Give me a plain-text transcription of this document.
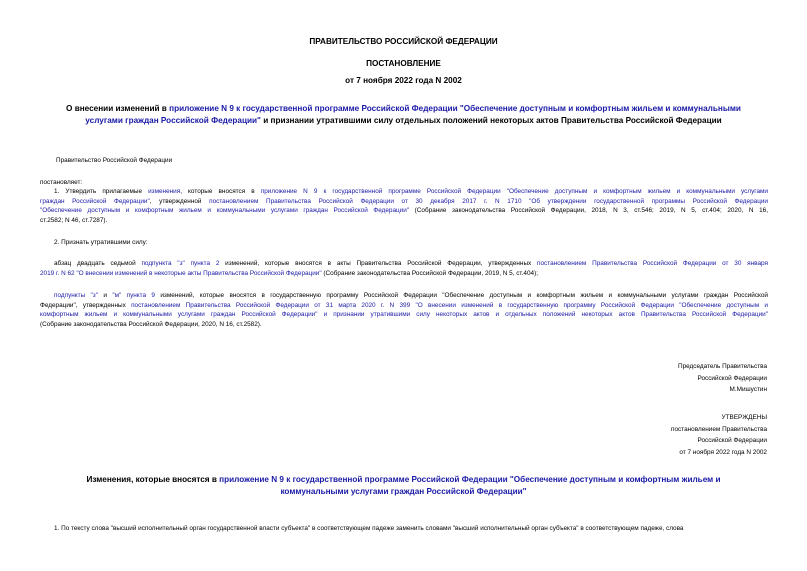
ПРАВИТЕЛЬСТВО РОССИЙСКОЙ ФЕДЕРАЦИИ
ПОСТАНОВЛЕНИЕ
от 7 ноября 2022 года N 2002
О внесении изменений в приложение N 9 к государственной программе Российской Федерации "Обеспечение доступным и комфортным жильем и коммунальными
услугами граждан Российской Федерации" и признании утратившими силу отдельных положений некоторых актов Правительства Российской Федерации
Правительство Российской Федерации
постановляет:
1. Утвердить прилагаемые изменения, которые вносятся в приложение N 9 к государственной программе Российской Федерации "Обеспечение доступным и комфортным жильем и коммунальными услугами
граждан Российской Федерации", утвержденной постановлением Правительства Российской Федерации от 30 декабря 2017 г. N 1710 "Об утверждении государственной программы Российской Федерации
"Обеспечение доступным и комфортным жильем и коммунальными услугами граждан Российской Федерации" (Собрание законодательства Российской Федерации, 2018, N 3, ст.546; 2019, N 5, ст.404; 2020, N 16,
ст.2582; N 46, ст.7287).
2. Признать утратившими силу:
абзац двадцать седьмой подпункта "з" пункта 2 изменений, которые вносятся в акты Правительства Российской Федерации, утвержденных постановлением Правительства Российской Федерации от 30 января
2019 г. N 62 "О внесении изменений в некоторые акты Правительства Российской Федерации" (Собрание законодательства Российской Федерации, 2019, N 5, ст.404);
подпункты "з" и "м" пункта 9 изменений, которые вносятся в государственную программу Российской Федерации "Обеспечение доступным и комфортным жильем и коммунальными услугами граждан Российской
Федерации", утвержденных постановлением Правительства Российской Федерации от 31 марта 2020 г. N 399 "О внесении изменений в государственную программу Российской Федерации "Обеспечение доступным и
комфортным жильем и коммунальными услугами граждан Российской Федерации" и признании утратившими силу некоторых актов и отдельных положений некоторых актов Правительства Российской Федерации"
(Собрание законодательства Российской Федерации, 2020, N 16, ст.2582).
Председатель Правительства
Российской Федерации
М.Мишустин
УТВЕРЖДЕНЫ
постановлением Правительства
Российской Федерации
от 7 ноября 2022 года N 2002
Изменения, которые вносятся в приложение N 9 к государственной программе Российской Федерации "Обеспечение доступным и комфортным жильем и
коммунальными услугами граждан Российской Федерации"
1. По тексту слова "высший исполнительный орган государственной власти субъекта" в соответствующем падеже заменить словами "высший исполнительный орган субъекта" в соответствующем падеже, слова
